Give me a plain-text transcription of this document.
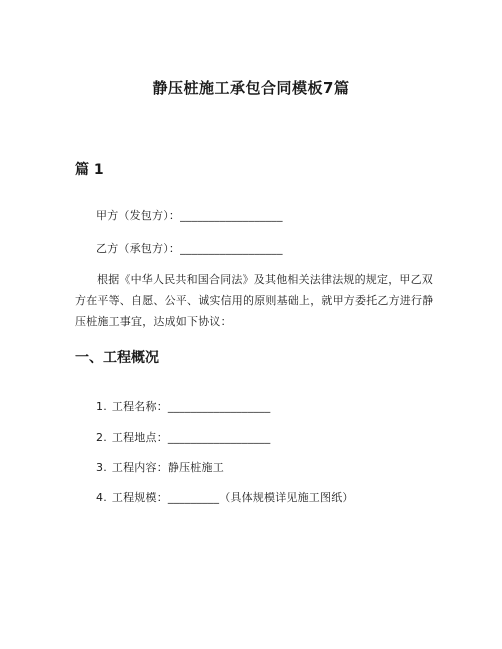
静压桩施工承包合同模板7篇
篇 1
甲方（发包方）：__________________
乙方（承包方）：__________________
根据《中华人民共和国合同法》及其他相关法律法规的规定，甲乙双方在平等、自愿、公平、诚实信用的原则基础上，就甲方委托乙方进行静压桩施工事宜，达成如下协议：
一、工程概况
1. 工程名称：__________________
2. 工程地点：__________________
3. 工程内容：静压桩施工
4. 工程规模：_________（具体规模详见施工图纸）
